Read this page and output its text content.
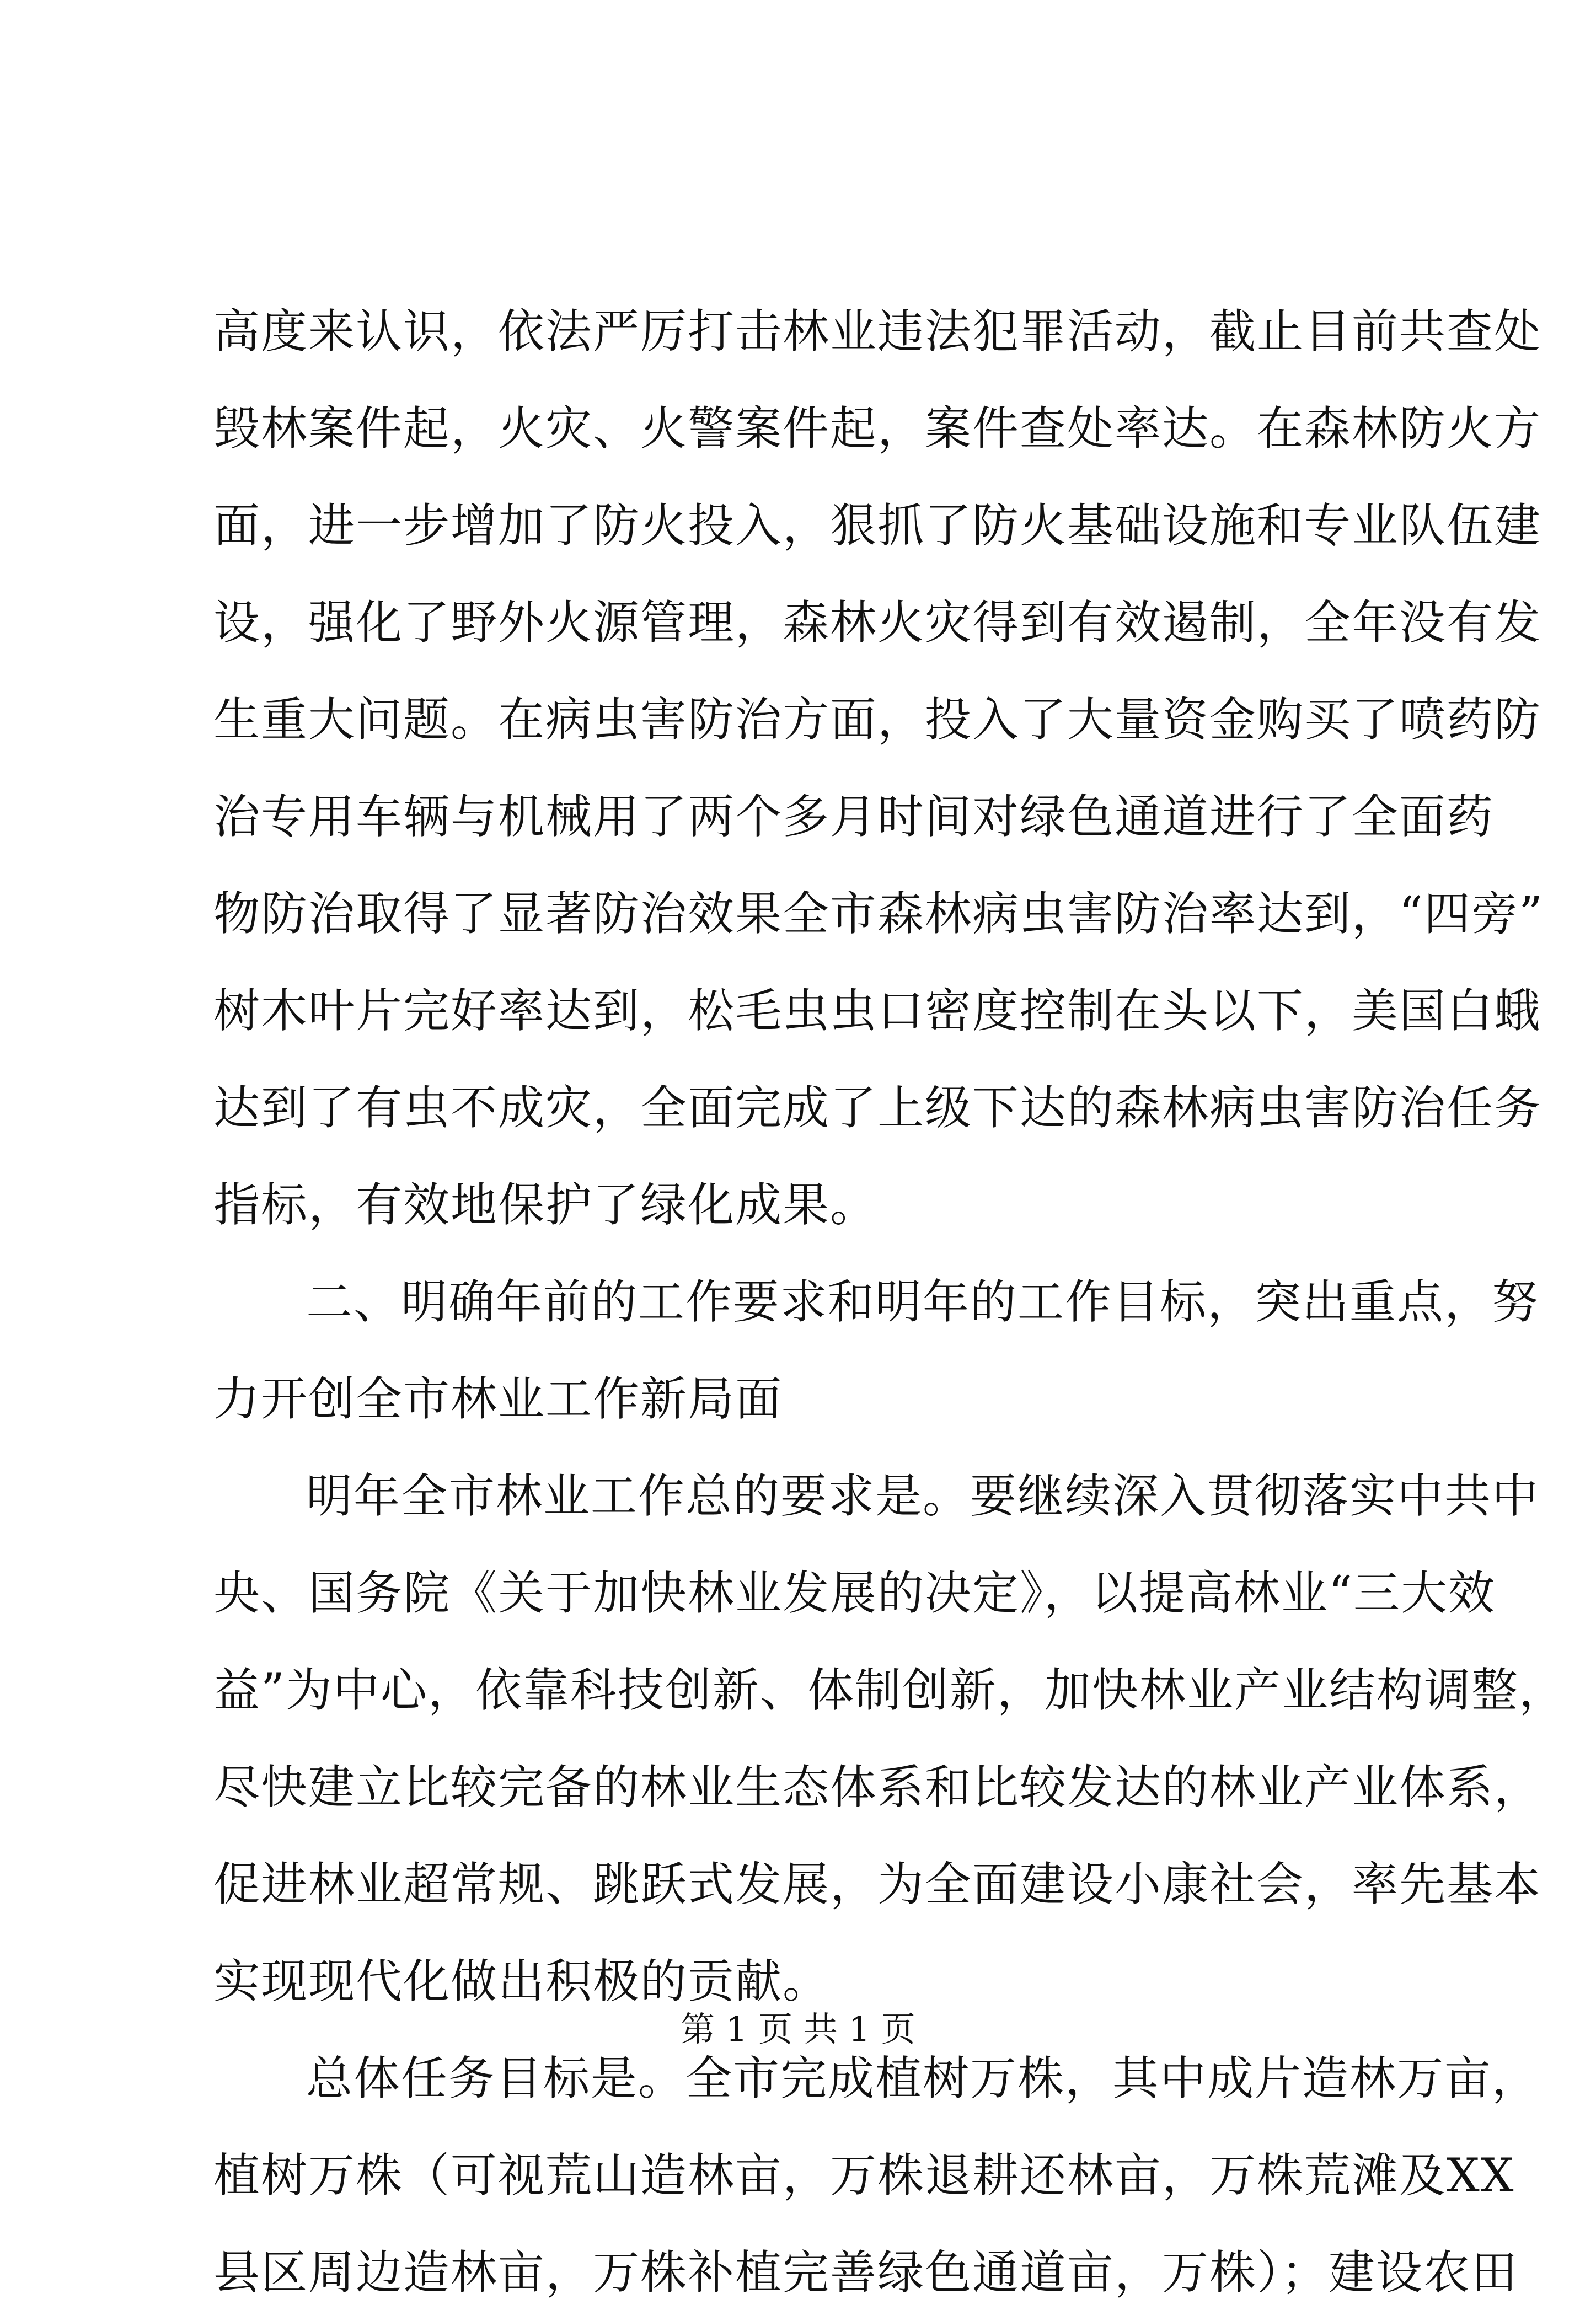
高度来认识，依法严厉打击林业违法犯罪活动，截止目前共查处
毁林案件起，火灾、火警案件起，案件查处率达。在森林防火方
面，进一步增加了防火投入，狠抓了防火基础设施和专业队伍建
设，强化了野外火源管理，森林火灾得到有效遏制，全年没有发
生重大问题。在病虫害防治方面，投入了大量资金购买了喷药防
治专用车辆与机械用了两个多月时间对绿色通道进行了全面药
物防治取得了显著防治效果全市森林病虫害防治率达到，“四旁”
树木叶片完好率达到，松毛虫虫口密度控制在头以下，美国白蛾
达到了有虫不成灾，全面完成了上级下达的森林病虫害防治任务
指标，有效地保护了绿化成果。
二、明确年前的工作要求和明年的工作目标，突出重点，努
力开创全市林业工作新局面
明年全市林业工作总的要求是。要继续深入贯彻落实中共中
央、国务院《关于加快林业发展的决定》，以提高林业“三大效
益”为中心，依靠科技创新、体制创新，加快林业产业结构调整，
尽快建立比较完备的林业生态体系和比较发达的林业产业体系，
促进林业超常规、跳跃式发展，为全面建设小康社会，率先基本
实现现代化做出积极的贡献。
总体任务目标是。全市完成植树万株，其中成片造林万亩，
植树万株（可视荒山造林亩，万株退耕还林亩，万株荒滩及XX
县区周边造林亩，万株补植完善绿色通道亩，万株）；建设农田
第 1 页 共 1 页
